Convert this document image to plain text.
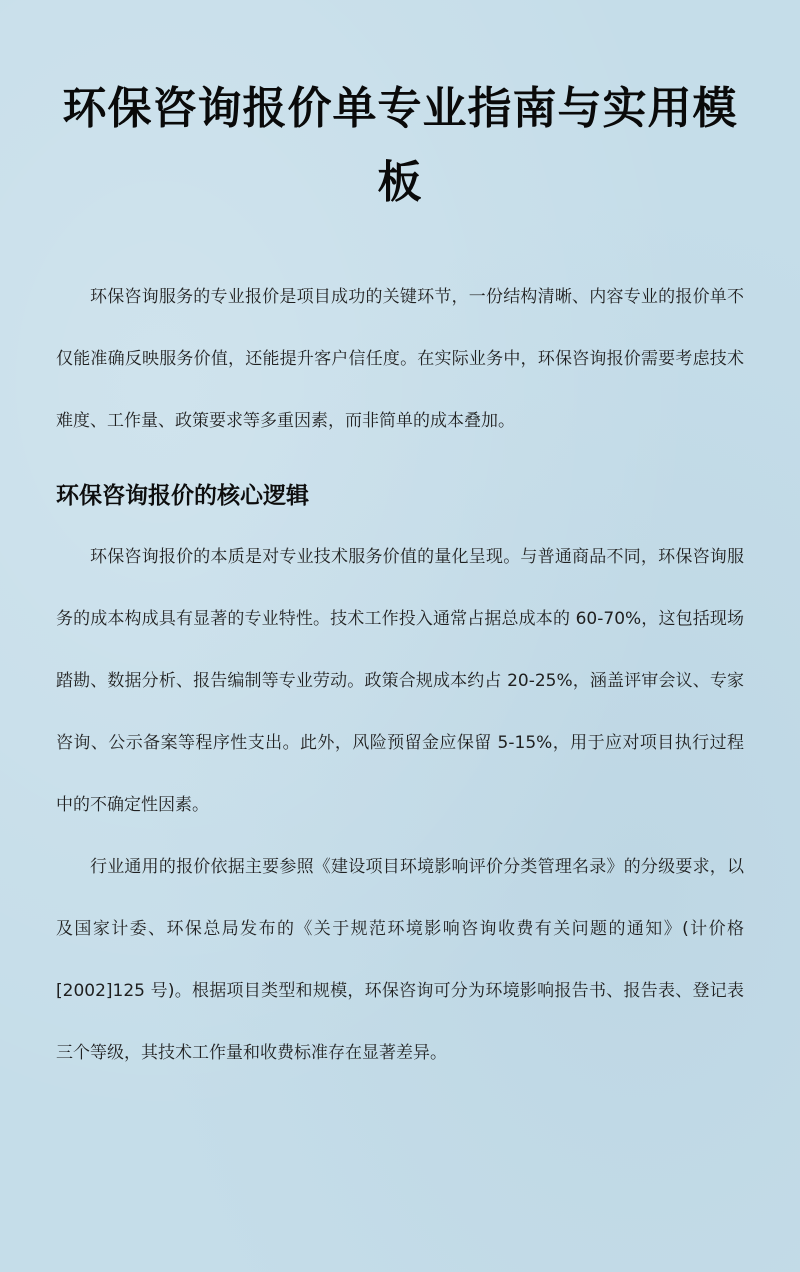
环保咨询报价单专业指南与实用模板

环保咨询服务的专业报价是项目成功的关键环节，一份结构清晰、内容专业的报价单不仅能准确反映服务价值，还能提升客户信任度。在实际业务中，环保咨询报价需要考虑技术难度、工作量、政策要求等多重因素，而非简单的成本叠加。

环保咨询报价的核心逻辑

环保咨询报价的本质是对专业技术服务价值的量化呈现。与普通商品不同，环保咨询服务的成本构成具有显著的专业特性。技术工作投入通常占据总成本的 60-70%，这包括现场踏勘、数据分析、报告编制等专业劳动。政策合规成本约占 20-25%，涵盖评审会议、专家咨询、公示备案等程序性支出。此外，风险预留金应保留 5-15%，用于应对项目执行过程中的不确定性因素。

行业通用的报价依据主要参照《建设项目环境影响评价分类管理名录》的分级要求，以及国家计委、环保总局发布的《关于规范环境影响咨询收费有关问题的通知》(计价格[2002]125 号)。根据项目类型和规模，环保咨询可分为环境影响报告书、报告表、登记表三个等级，其技术工作量和收费标准存在显著差异。
